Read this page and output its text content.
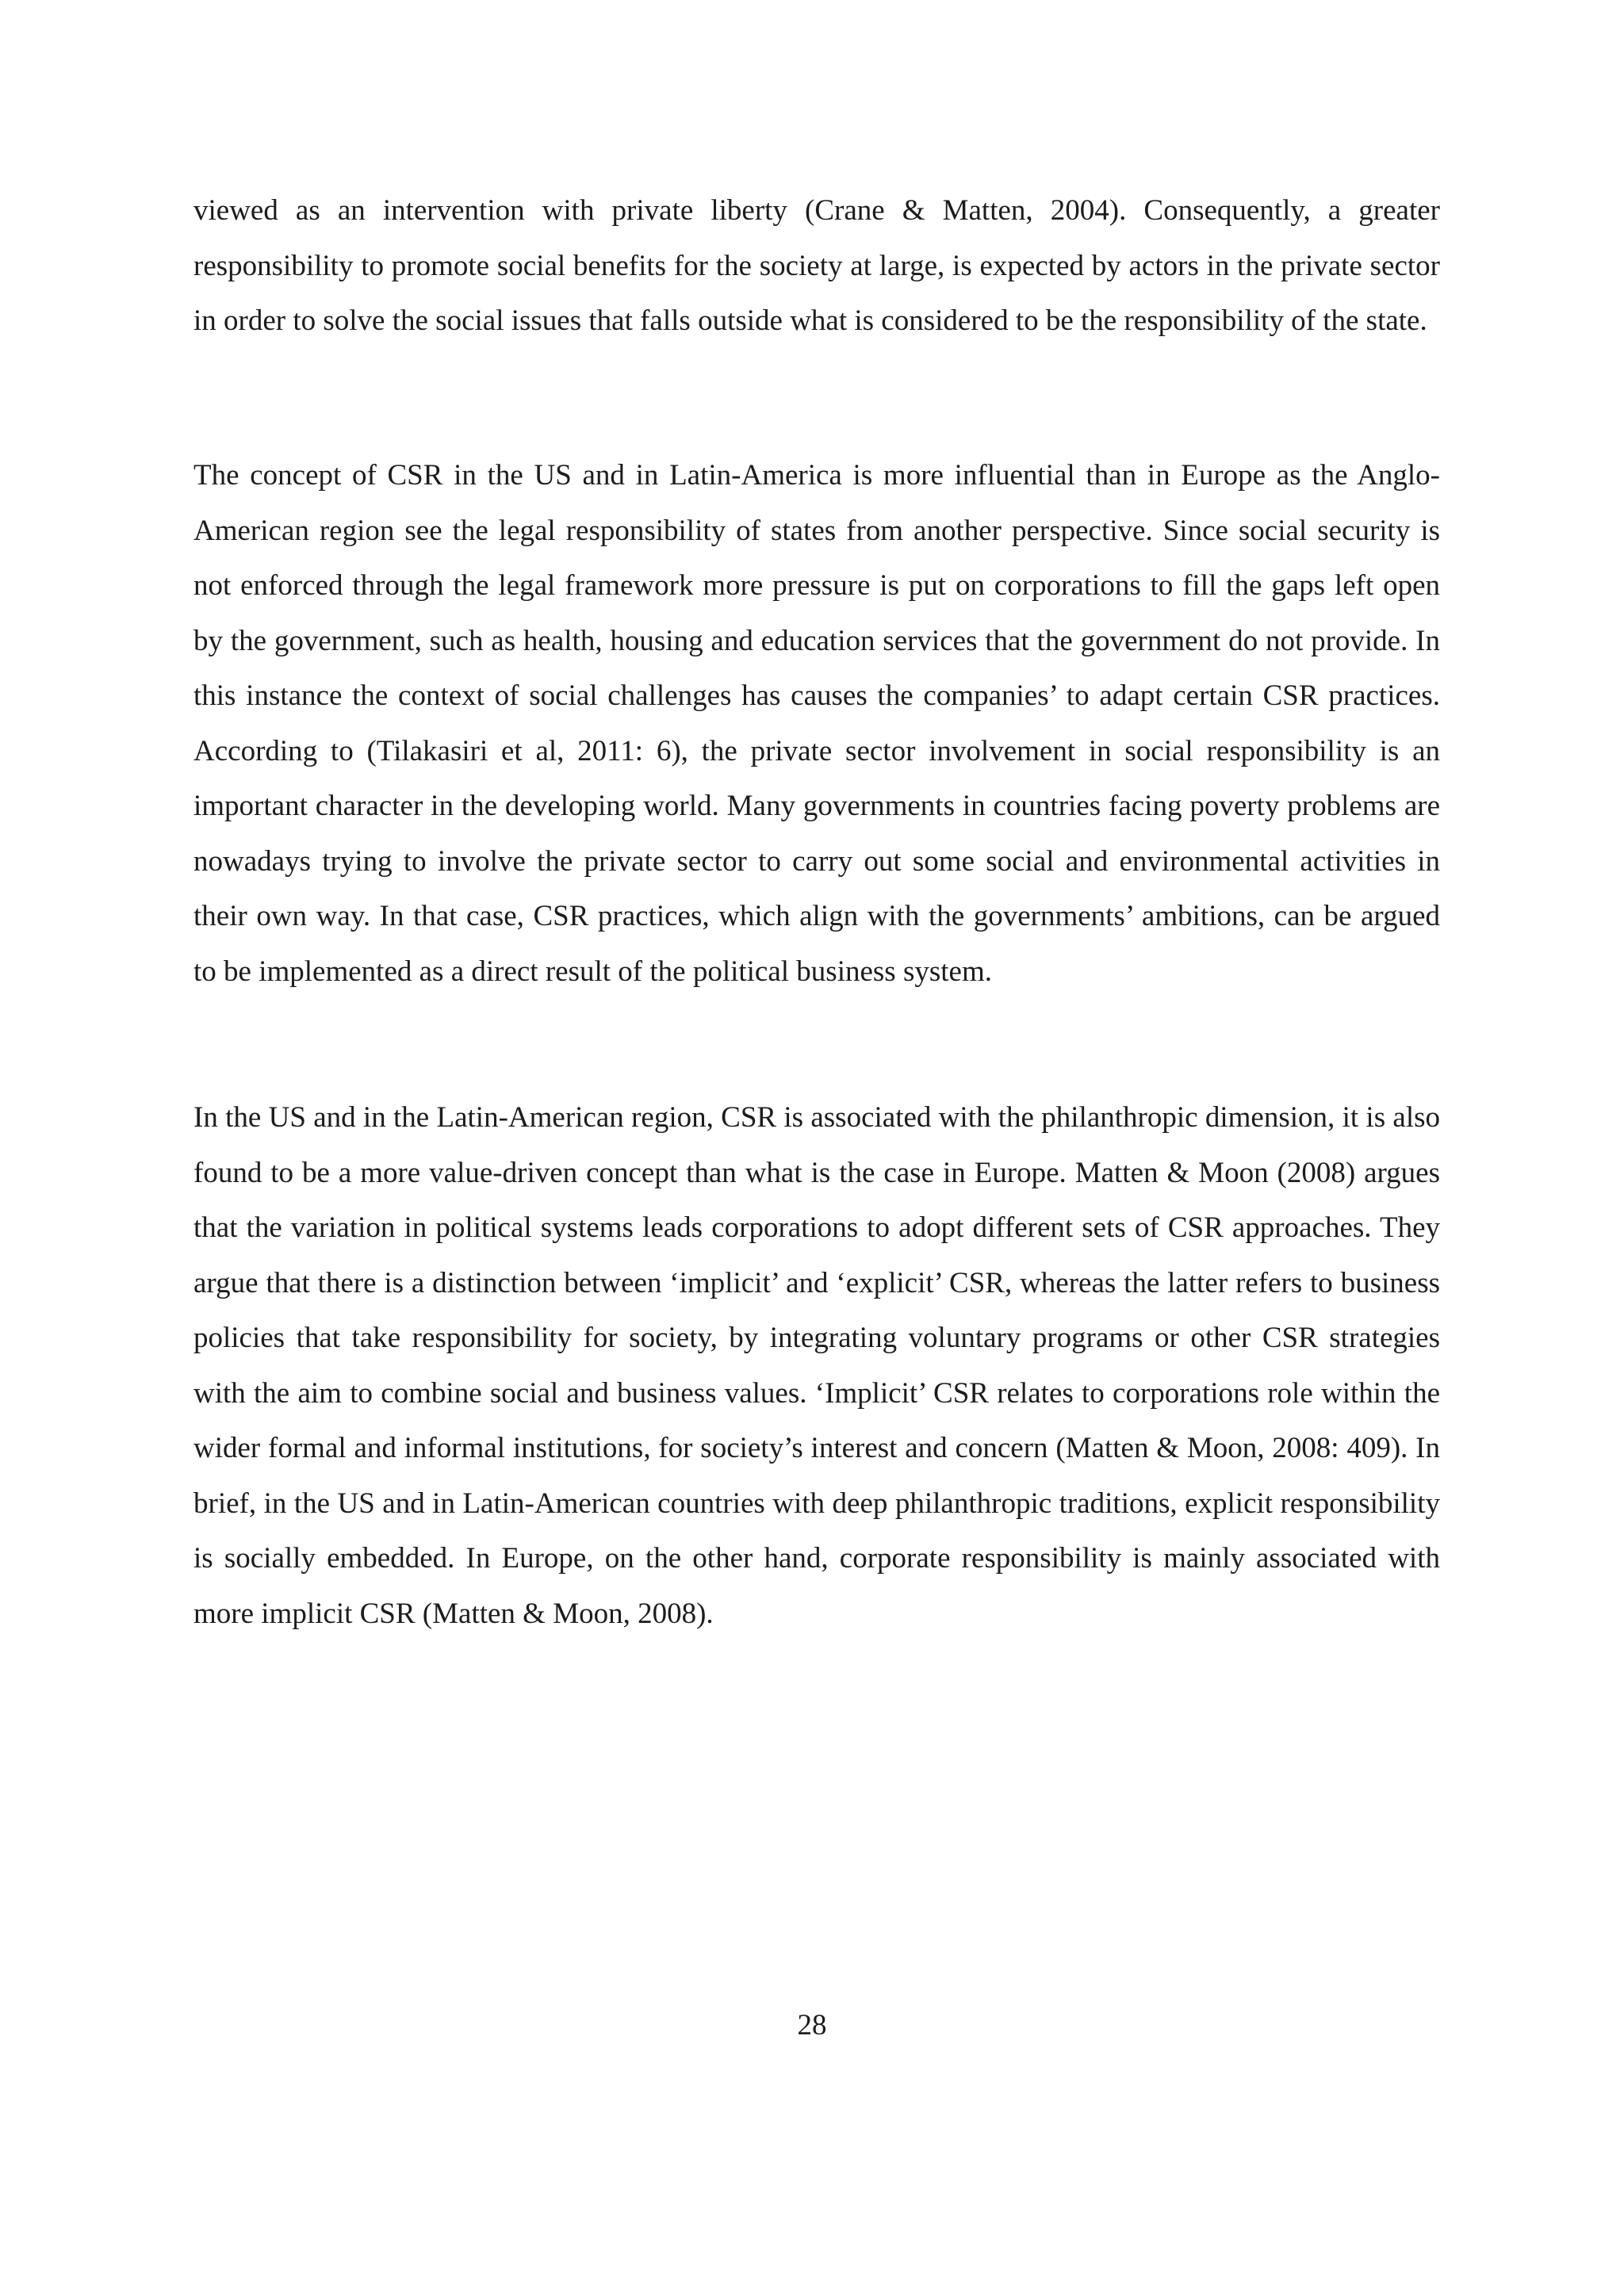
viewed as an intervention with private liberty (Crane & Matten, 2004). Consequently, a greater responsibility to promote social benefits for the society at large, is expected by actors in the private sector in order to solve the social issues that falls outside what is considered to be the responsibility of the state.

The concept of CSR in the US and in Latin-America is more influential than in Europe as the Anglo-American region see the legal responsibility of states from another perspective. Since social security is not enforced through the legal framework more pressure is put on corporations to fill the gaps left open by the government, such as health, housing and education services that the government do not provide. In this instance the context of social challenges has causes the companies’ to adapt certain CSR practices. According to (Tilakasiri et al, 2011: 6), the private sector involvement in social responsibility is an important character in the developing world. Many governments in countries facing poverty problems are nowadays trying to involve the private sector to carry out some social and environmental activities in their own way. In that case, CSR practices, which align with the governments’ ambitions, can be argued to be implemented as a direct result of the political business system.

In the US and in the Latin-American region, CSR is associated with the philanthropic dimension, it is also found to be a more value-driven concept than what is the case in Europe. Matten & Moon (2008) argues that the variation in political systems leads corporations to adopt different sets of CSR approaches. They argue that there is a distinction between ‘implicit’ and ‘explicit’ CSR, whereas the latter refers to business policies that take responsibility for society, by integrating voluntary programs or other CSR strategies with the aim to combine social and business values. ‘Implicit’ CSR relates to corporations role within the wider formal and informal institutions, for society’s interest and concern (Matten & Moon, 2008: 409). In brief, in the US and in Latin-American countries with deep philanthropic traditions, explicit responsibility is socially embedded. In Europe, on the other hand, corporate responsibility is mainly associated with more implicit CSR (Matten & Moon, 2008).

28
